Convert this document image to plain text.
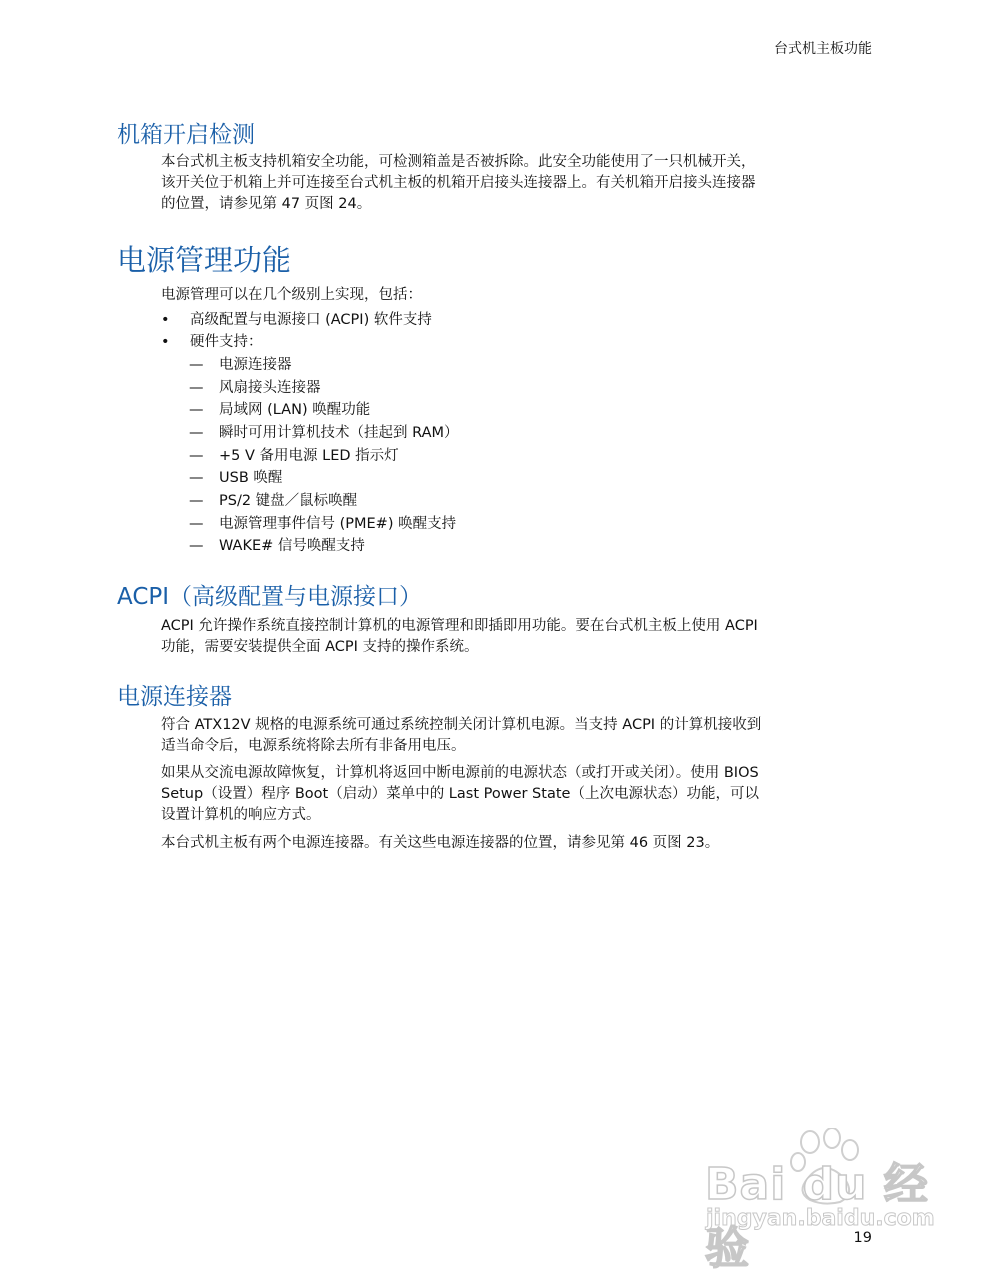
台式机主板功能
机箱开启检测

本台式机主板支持机箱安全功能，可检测箱盖是否被拆除。此安全功能使用了一只机械开关，
该开关位于机箱上并可连接至台式机主板的机箱开启接头连接器上。有关机箱开启接头连接器
的位置，请参见第 47 页图 24。

电源管理功能

电源管理可以在几个级别上实现，包括：

•	高级配置与电源接口 (ACPI) 软件支持
•	硬件支持：
— 电源连接器
— 风扇接头连接器
— 局域网 (LAN) 唤醒功能
— 瞬时可用计算机技术（挂起到 RAM）
— +5 V 备用电源 LED 指示灯
— USB 唤醒
— PS/2 键盘／鼠标唤醒
— 电源管理事件信号 (PME#) 唤醒支持
— WAKE# 信号唤醒支持
ACPI（高级配置与电源接口）

ACPI 允许操作系统直接控制计算机的电源管理和即插即用功能。要在台式机主板上使用 ACPI
功能，需要安装提供全面 ACPI 支持的操作系统。

电源连接器

符合 ATX12V 规格的电源系统可通过系统控制关闭计算机电源。当支持 ACPI 的计算机接收到
适当命令后，电源系统将除去所有非备用电压。

如果从交流电源故障恢复，计算机将返回中断电源前的电源状态（或打开或关闭）。使用 BIOS
Setup（设置）程序 Boot（启动）菜单中的 Last Power State（上次电源状态）功能，可以
设置计算机的响应方式。

本台式机主板有两个电源连接器。有关这些电源连接器的位置，请参见第 46 页图 23。

Bai du 经验
jingyan.baidu.com
19
